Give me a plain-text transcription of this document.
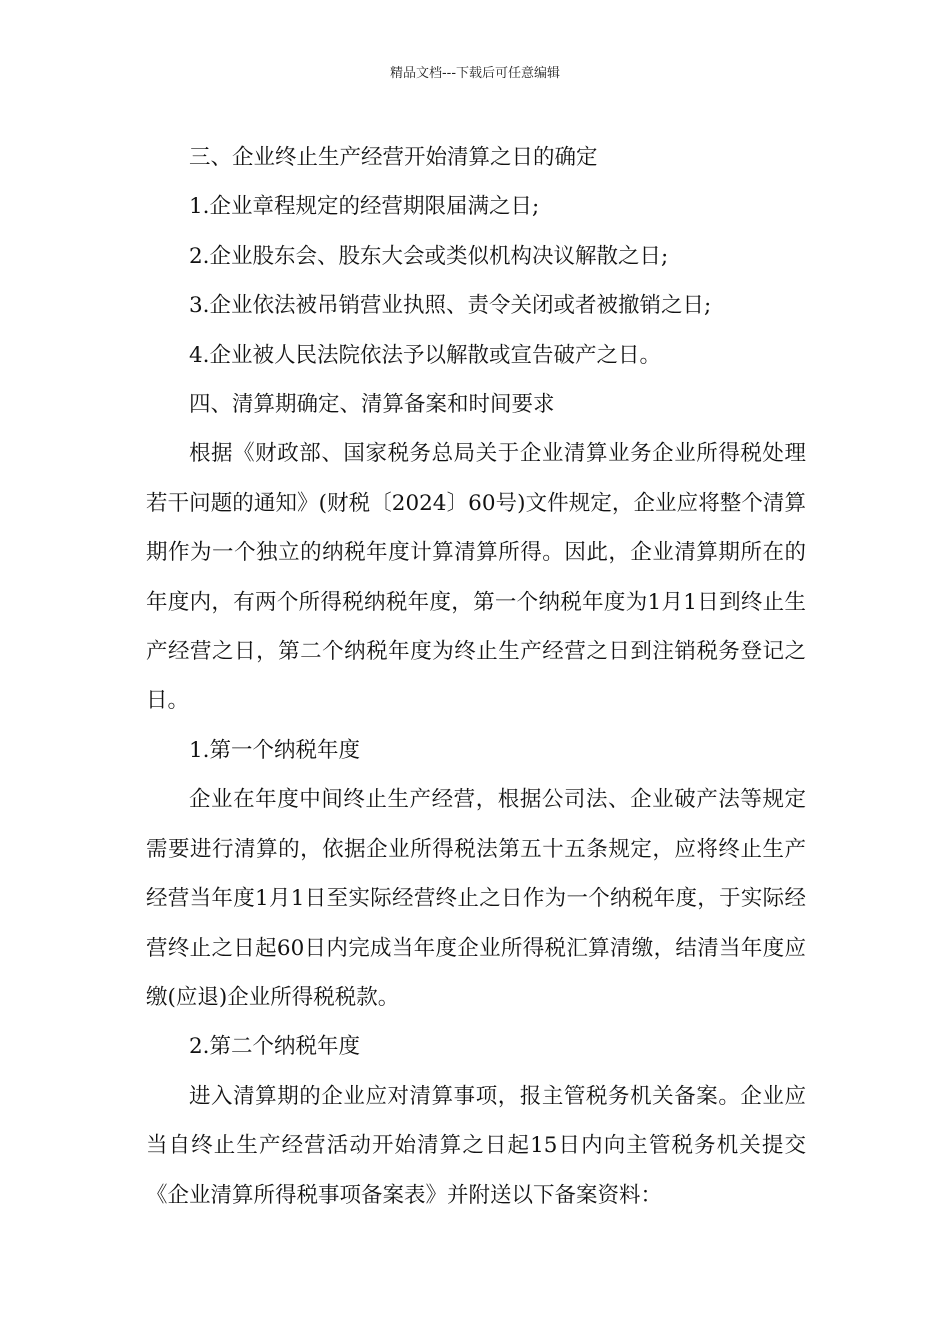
精品文档---下载后可任意编辑

三、企业终止生产经营开始清算之日的确定

1.企业章程规定的经营期限届满之日;

2.企业股东会、股东大会或类似机构决议解散之日;

3.企业依法被吊销营业执照、责令关闭或者被撤销之日;

4.企业被人民法院依法予以解散或宣告破产之日。

四、清算期确定、清算备案和时间要求

根据《财政部、国家税务总局关于企业清算业务企业所得税处理若干问题的通知》(财税〔2024〕60号)文件规定，企业应将整个清算期作为一个独立的纳税年度计算清算所得。因此，企业清算期所在的年度内，有两个所得税纳税年度，第一个纳税年度为1月1日到终止生产经营之日，第二个纳税年度为终止生产经营之日到注销税务登记之日。

1.第一个纳税年度

企业在年度中间终止生产经营，根据公司法、企业破产法等规定需要进行清算的，依据企业所得税法第五十五条规定，应将终止生产经营当年度1月1日至实际经营终止之日作为一个纳税年度，于实际经营终止之日起60日内完成当年度企业所得税汇算清缴，结清当年度应缴(应退)企业所得税税款。

2.第二个纳税年度

进入清算期的企业应对清算事项，报主管税务机关备案。企业应当自终止生产经营活动开始清算之日起15日内向主管税务机关提交《企业清算所得税事项备案表》并附送以下备案资料：
